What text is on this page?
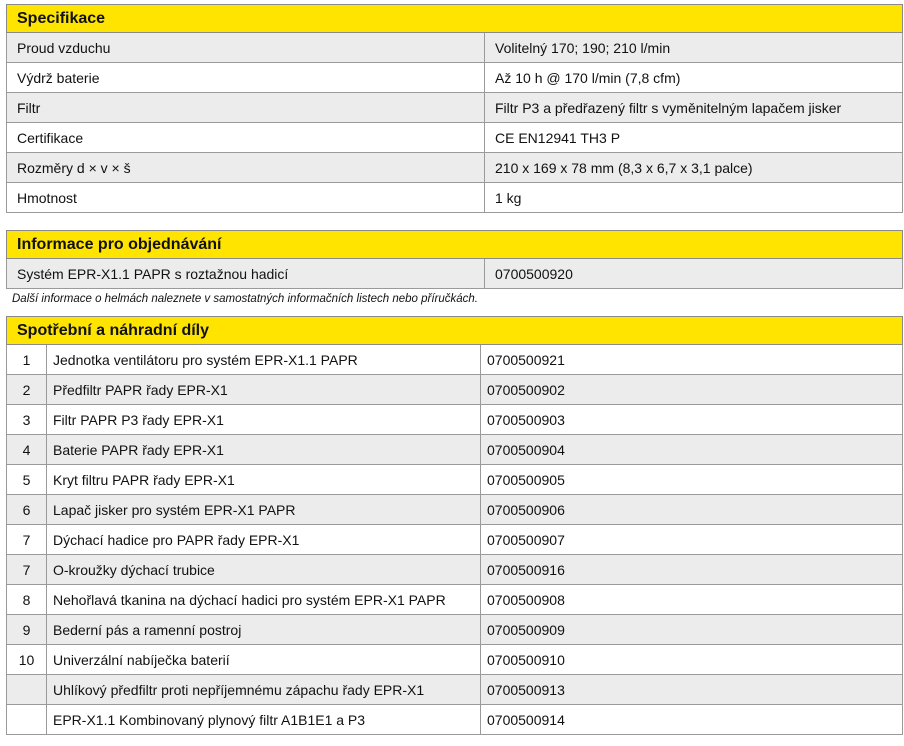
Specifikace	
Proud vzduchu	Volitelný 170; 190; 210 l/min
Výdrž baterie	Až 10 h @ 170 l/min (7,8 cfm)
Filtr	Filtr P3 a předřazený filtr s vyměnitelným lapačem jisker
Certifikace	CE EN12941 TH3 P
Rozměry d × v × š	210 x 169 x 78 mm (8,3 x 6,7 x 3,1 palce)
Hmotnost	1 kg
Informace pro objednávání
Systém EPR-X1.1 PAPR s roztažnou hadicí	0700500920
Další informace o helmách naleznete v samostatných informačních listech nebo příručkách.
Spotřební a náhradní díly		
1	Jednotka ventilátoru pro systém EPR-X1.1 PAPR	0700500921
2	Předfiltr PAPR řady EPR-X1	0700500902
3	Filtr PAPR P3 řady EPR-X1	0700500903
4	Baterie PAPR řady EPR-X1	0700500904
5	Kryt filtru PAPR řady EPR-X1	0700500905
6	Lapač jisker pro systém EPR-X1 PAPR	0700500906
7	Dýchací hadice pro PAPR řady EPR-X1	0700500907
7	O-kroužky dýchací trubice	0700500916
8	Nehořlavá tkanina na dýchací hadici pro systém EPR-X1 PAPR	0700500908
9	Bederní pás a ramenní postroj	0700500909
10	Univerzální nabíječka baterií	0700500910
	Uhlíkový předfiltr proti nepříjemnému zápachu řady EPR-X1	0700500913
	EPR-X1.1 Kombinovaný plynový filtr A1B1E1 a P3	0700500914
